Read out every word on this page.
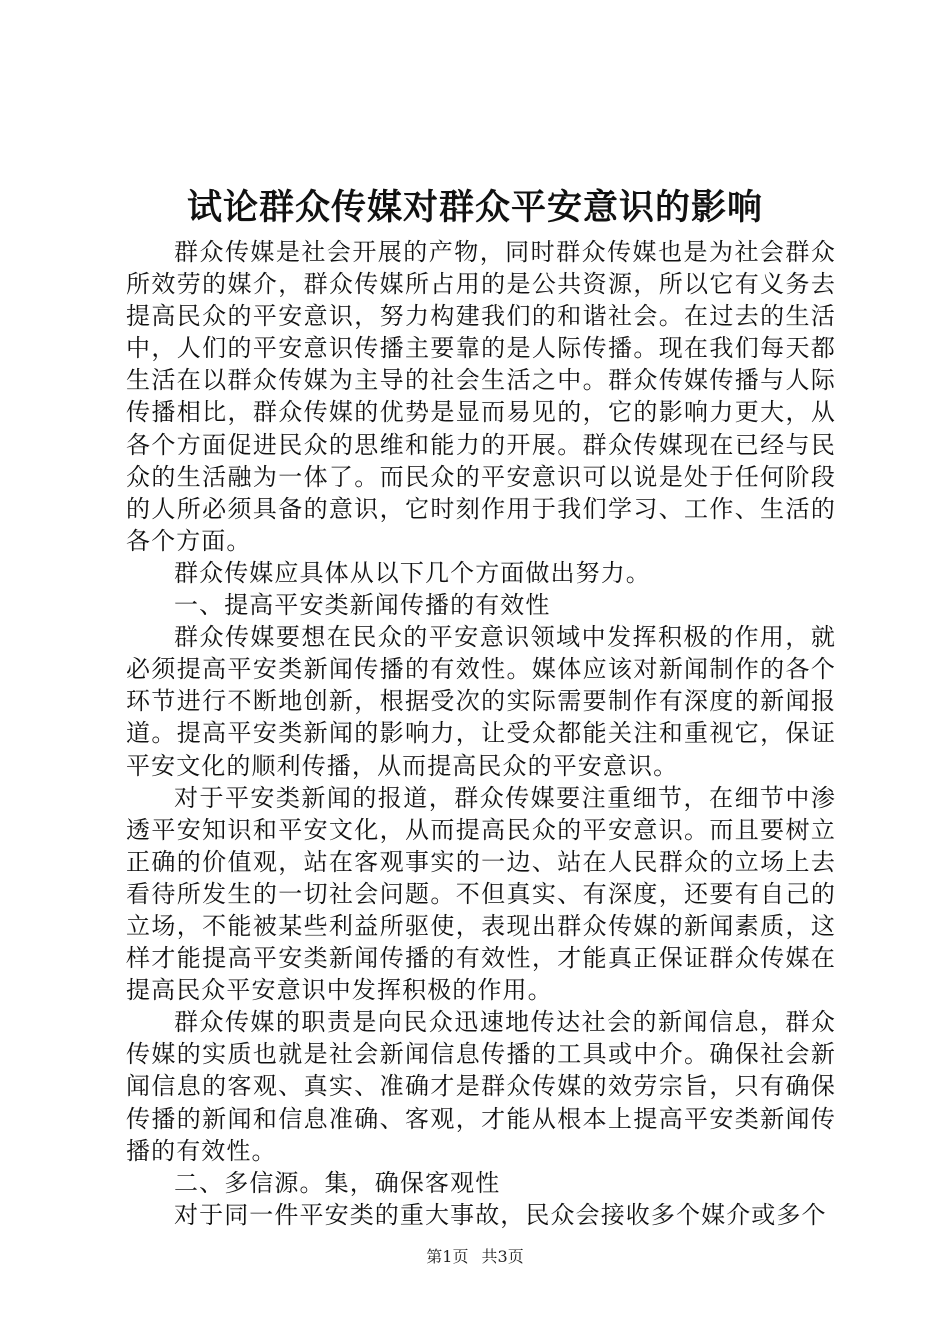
试论群众传媒对群众平安意识的影响

群众传媒是社会开展的产物，同时群众传媒也是为社会群众所效劳的媒介，群众传媒所占用的是公共资源，所以它有义务去提高民众的平安意识，努力构建我们的和谐社会。在过去的生活中，人们的平安意识传播主要靠的是人际传播。现在我们每天都生活在以群众传媒为主导的社会生活之中。群众传媒传播与人际传播相比，群众传媒的优势是显而易见的，它的影响力更大，从各个方面促进民众的思维和能力的开展。群众传媒现在已经与民众的生活融为一体了。而民众的平安意识可以说是处于任何阶段的人所必须具备的意识，它时刻作用于我们学习、工作、生活的各个方面。

群众传媒应具体从以下几个方面做出努力。

一、提高平安类新闻传播的有效性

群众传媒要想在民众的平安意识领域中发挥积极的作用，就必须提高平安类新闻传播的有效性。媒体应该对新闻制作的各个环节进行不断地创新，根据受次的实际需要制作有深度的新闻报道。提高平安类新闻的影响力，让受众都能关注和重视它，保证平安文化的顺利传播，从而提高民众的平安意识。

对于平安类新闻的报道，群众传媒要注重细节，在细节中渗透平安知识和平安文化，从而提高民众的平安意识。而且要树立正确的价值观，站在客观事实的一边、站在人民群众的立场上去看待所发生的一切社会问题。不但真实、有深度，还要有自己的立场，不能被某些利益所驱使，表现出群众传媒的新闻素质，这样才能提高平安类新闻传播的有效性，才能真正保证群众传媒在提高民众平安意识中发挥积极的作用。

群众传媒的职责是向民众迅速地传达社会的新闻信息，群众传媒的实质也就是社会新闻信息传播的工具或中介。确保社会新闻信息的客观、真实、准确才是群众传媒的效劳宗旨，只有确保传播的新闻和信息准确、客观，才能从根本上提高平安类新闻传播的有效性。

二、多信源。集，确保客观性

对于同一件平安类的重大事故，民众会接收多个媒介或多个

第1页 共3页
